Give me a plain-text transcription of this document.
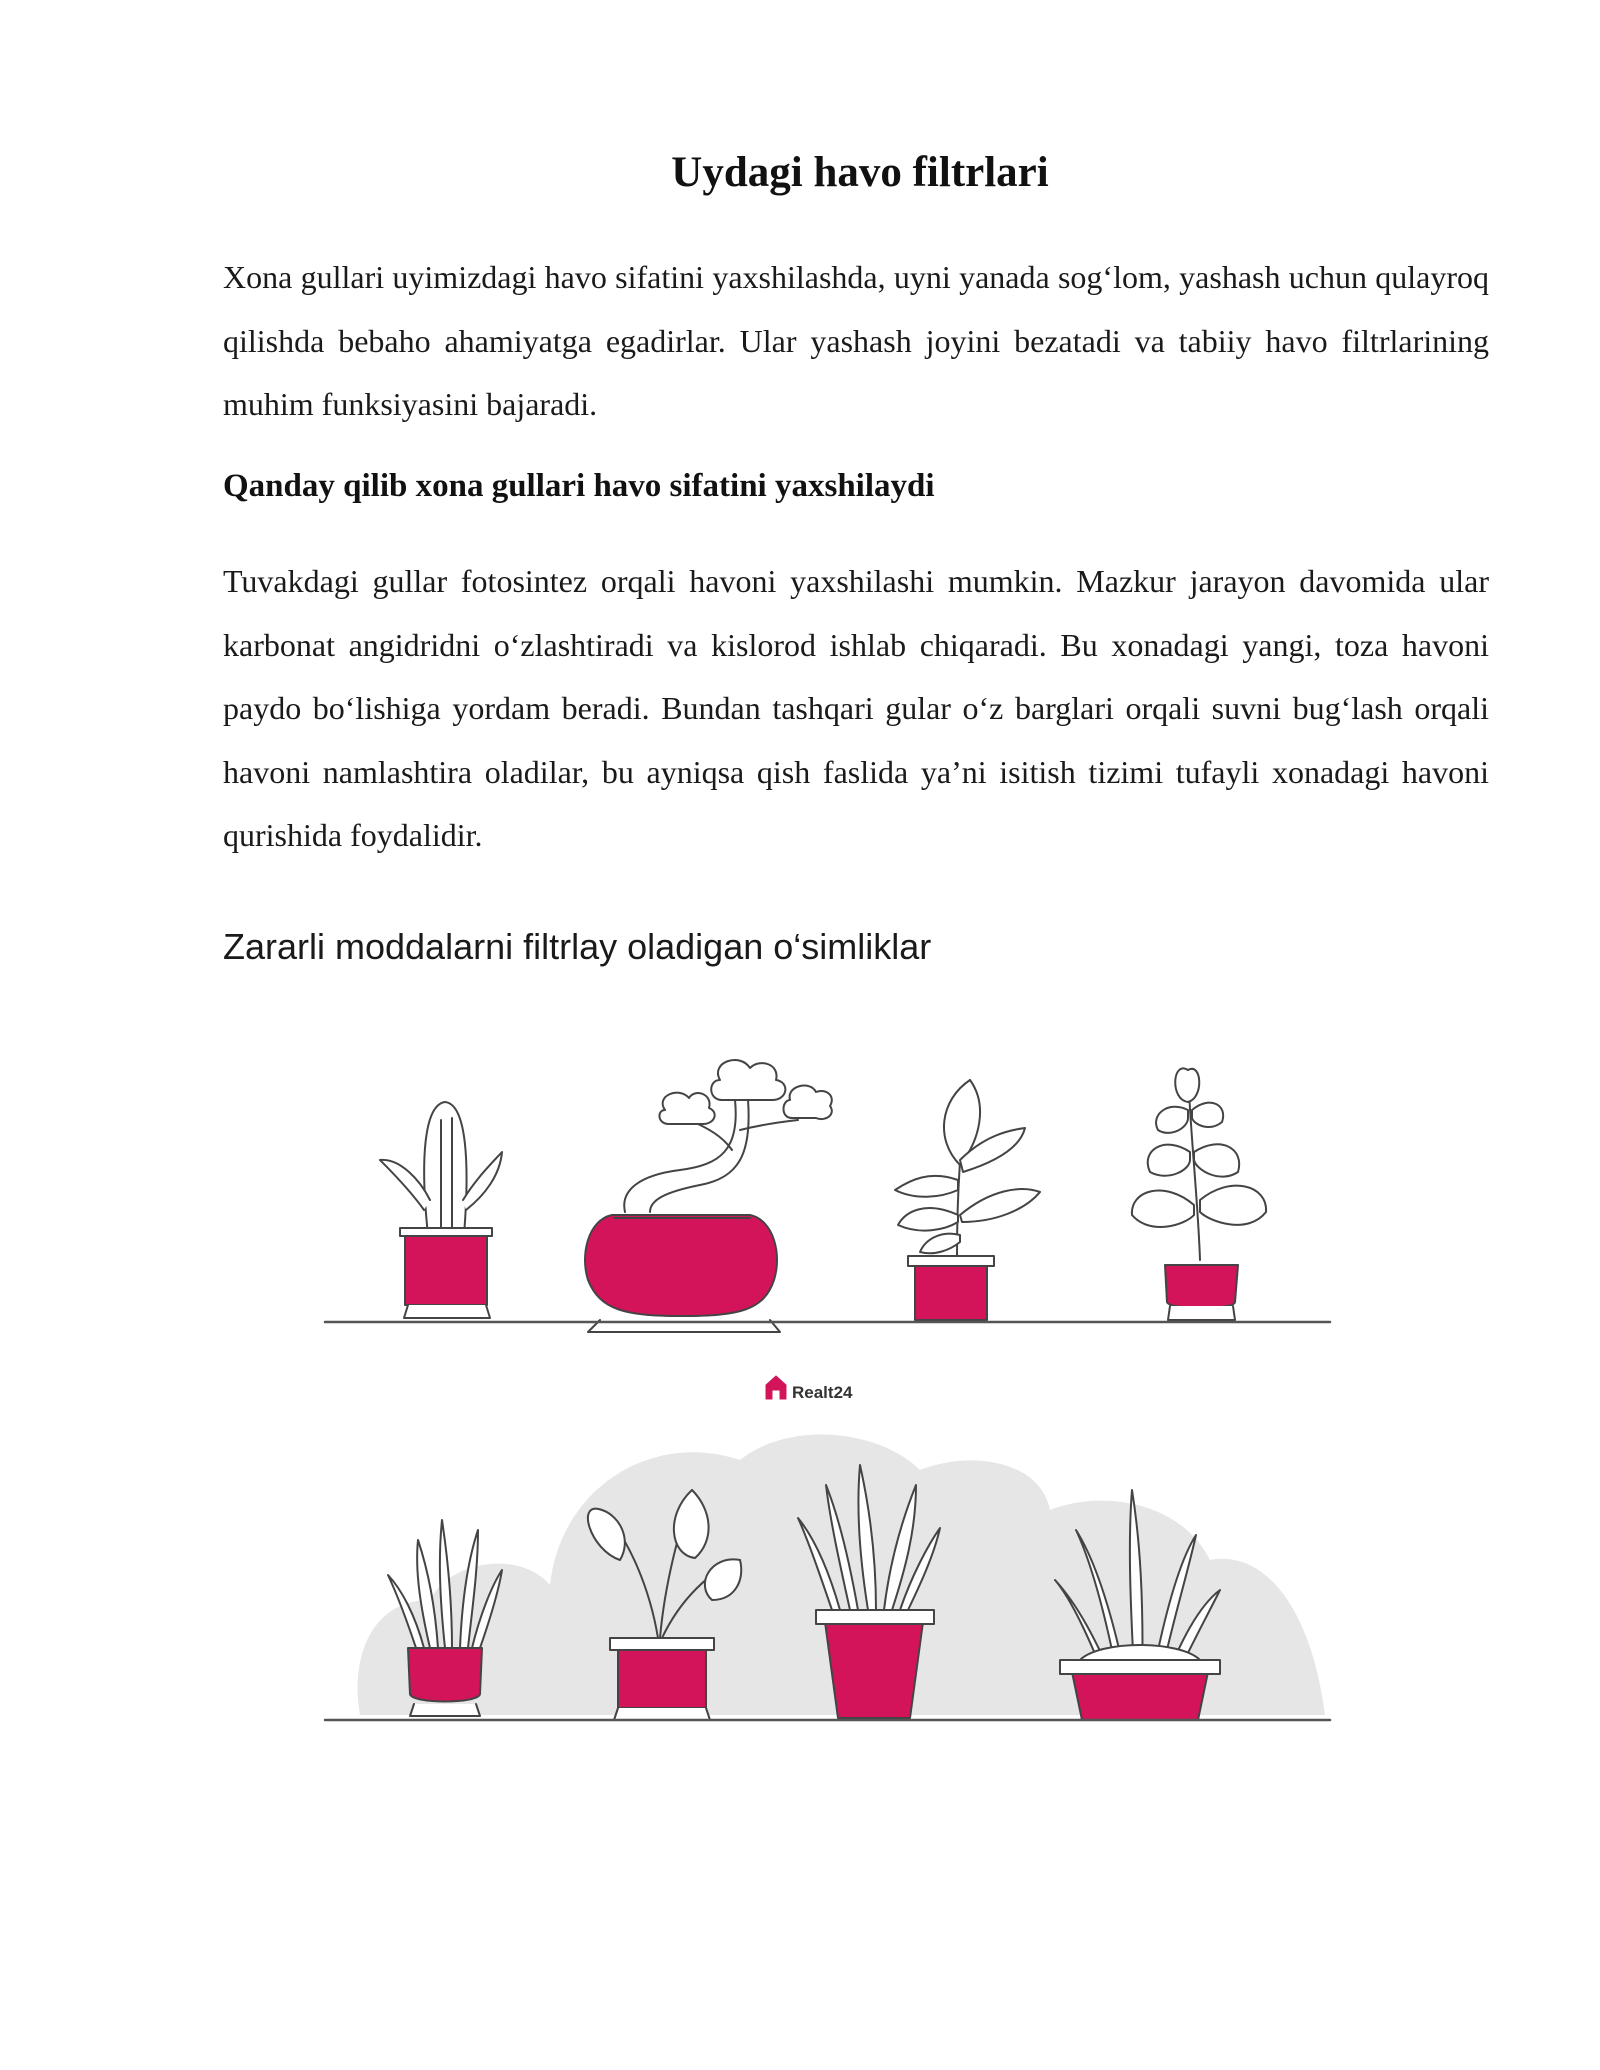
Uydagi havo filtrlari

Xona gullari uyimizdagi havo sifatini yaxshilashda, uyni yanada sog‘lom, yashash uchun qulayroq qilishda bebaho ahamiyatga egadirlar. Ular yashash joyini bezatadi va tabiiy havo filtrlarining muhim funksiyasini bajaradi.

Qanday qilib xona gullari havo sifatini yaxshilaydi

Tuvakdagi gullar fotosintez orqali havoni yaxshilashi mumkin. Mazkur jarayon davomida ular karbonat angidridni o‘zlashtiradi va kislorod ishlab chiqaradi. Bu xonadagi yangi, toza havoni paydo bo‘lishiga yordam beradi. Bundan tashqari gular o‘z barglari orqali suvni bug‘lash orqali havoni namlashtira oladilar, bu ayniqsa qish faslida ya’ni isitish tizimi tufayli xonadagi havoni qurishida foydalidir.

Zararli moddalarni filtrlay oladigan o‘simliklar
Realt24
